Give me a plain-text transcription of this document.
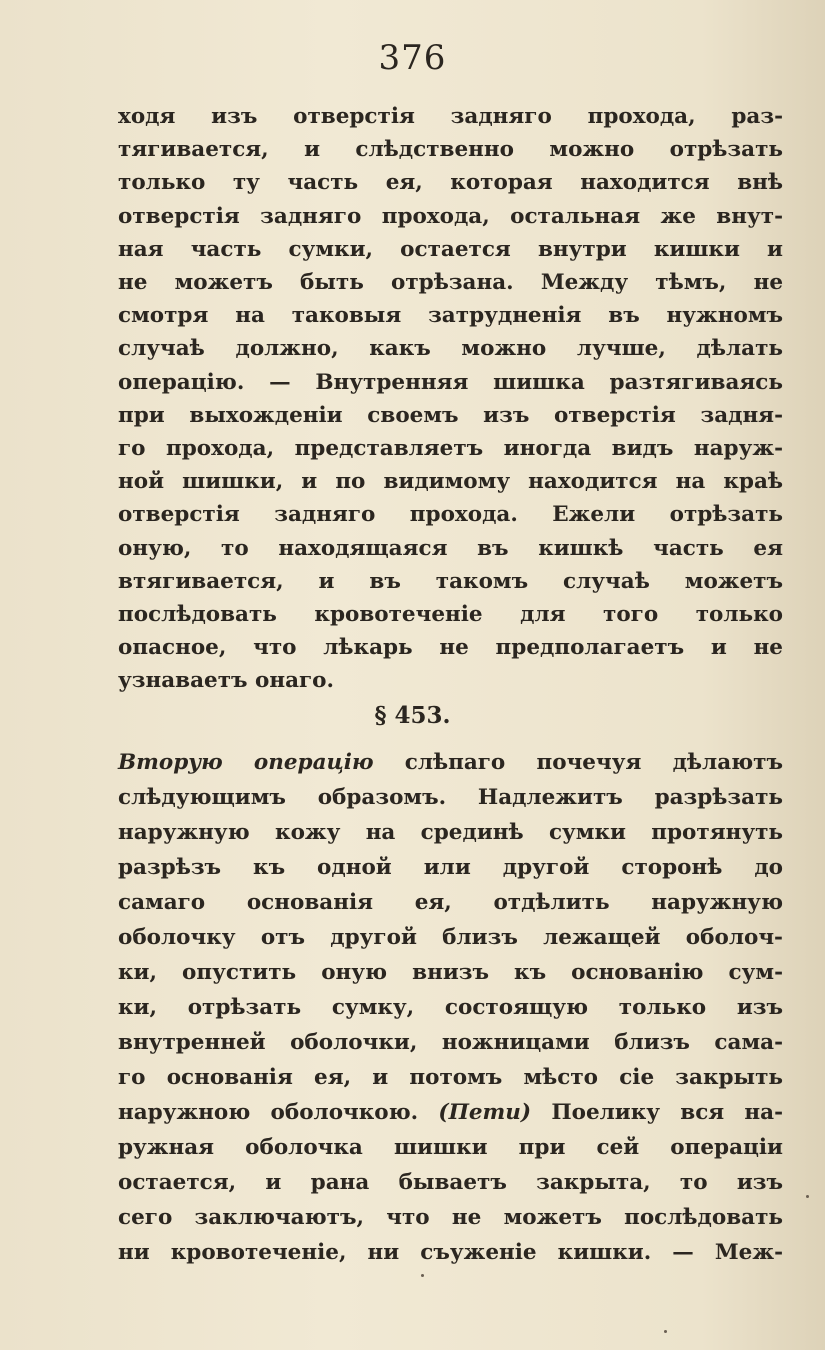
376
ходя изъ отверстія задняго прохода, раз-
тягивается, и слѣдственно можно отрѣзать
только ту часть ея, которая находится внѣ
отверстія задняго прохода, остальная же внут-
ная часть сумки, остается внутри кишки и
не можетъ быть отрѣзана. Между тѣмъ, не
смотря на таковыя затрудненія въ нужномъ
случаѣ должно, какъ можно лучше, дѣлать
операцію. — Внутренняя шишка разтягиваясь
при выхожденіи своемъ изъ отверстія задня-
го прохода, представляетъ иногда видъ наруж-
ной шишки, и по видимому находится на краѣ
отверстія задняго прохода. Ежели отрѣзать
оную, то находящаяся въ кишкѣ часть ея
втягивается, и въ такомъ случаѣ можетъ
послѣдовать кровотеченіе для того только
опасное, что лѣкарь не предполагаетъ и не
узнаваетъ онаго.
§ 453.
Вторую операцію слѣпаго почечуя дѣлаютъ
слѣдующимъ образомъ. Надлежитъ разрѣзать
наружную кожу на срединѣ сумки протянуть
разрѣзъ къ одной или другой сторонѣ до
самаго основанія ея, отдѣлить наружную
оболочку отъ другой близъ лежащей оболоч-
ки, опустить оную внизъ къ основанію сум-
ки, отрѣзать сумку, состоящую только изъ
внутренней оболочки, ножницами близъ сама-
го основанія ея, и потомъ мѣсто сіе закрыть
наружною оболочкою. (Пети) Поелику вся на-
ружная оболочка шишки при сей операціи
остается, и рана бываетъ закрыта, то изъ
сего заключаютъ, что не можетъ послѣдовать
ни кровотеченіе, ни съуженіе кишки. — Меж-
